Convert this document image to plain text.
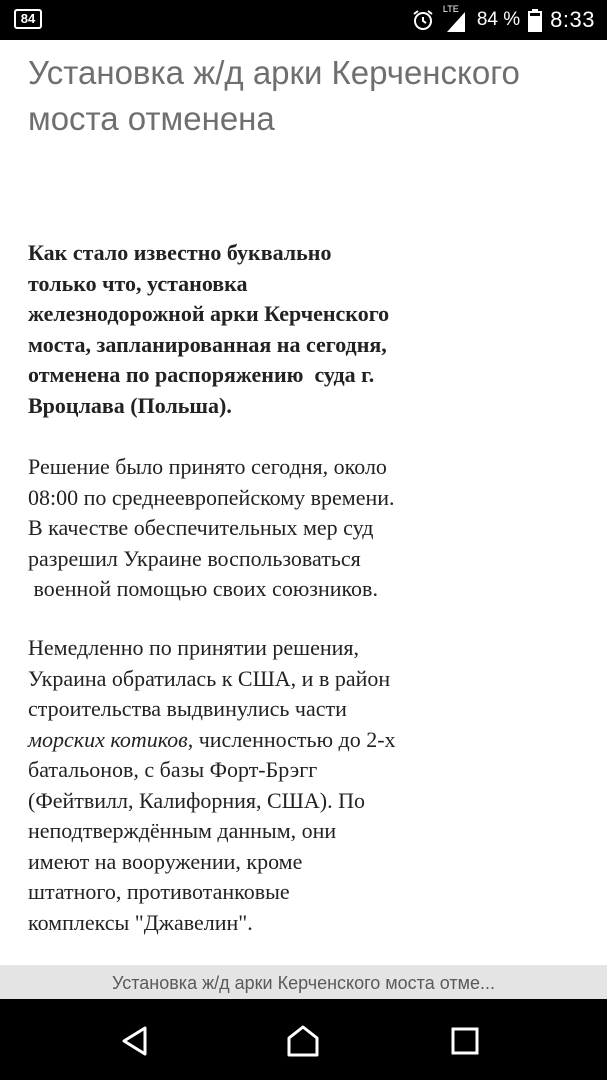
84
LTE 84 % 8:33
Установка ж/д арки Керченского моста отменена

Как стало известно буквально
только что, установка
железнодорожной арки Керченского
моста, запланированная на сегодня,
отменена по распоряжению  суда г.
Вроцлава (Польша).

Решение было принято сегодня, около
08:00 по среднеевропейскому времени.
В качестве обеспечительных мер суд
разрешил Украине воспользоваться
военной помощью своих союзников.

Немедленно по принятии решения,
Украина обратилась к США, и в район
строительства выдвинулись части
морских котиков, численностью до 2-х
батальонов, с базы Форт-Брэгг
(Фейтвилл, Калифорния, США). По
неподтверждённым данным, они
имеют на вооружении, кроме
штатного, противотанковые
комплексы "Джавелин".

Установка ж/д арки Керченского моста отме...
